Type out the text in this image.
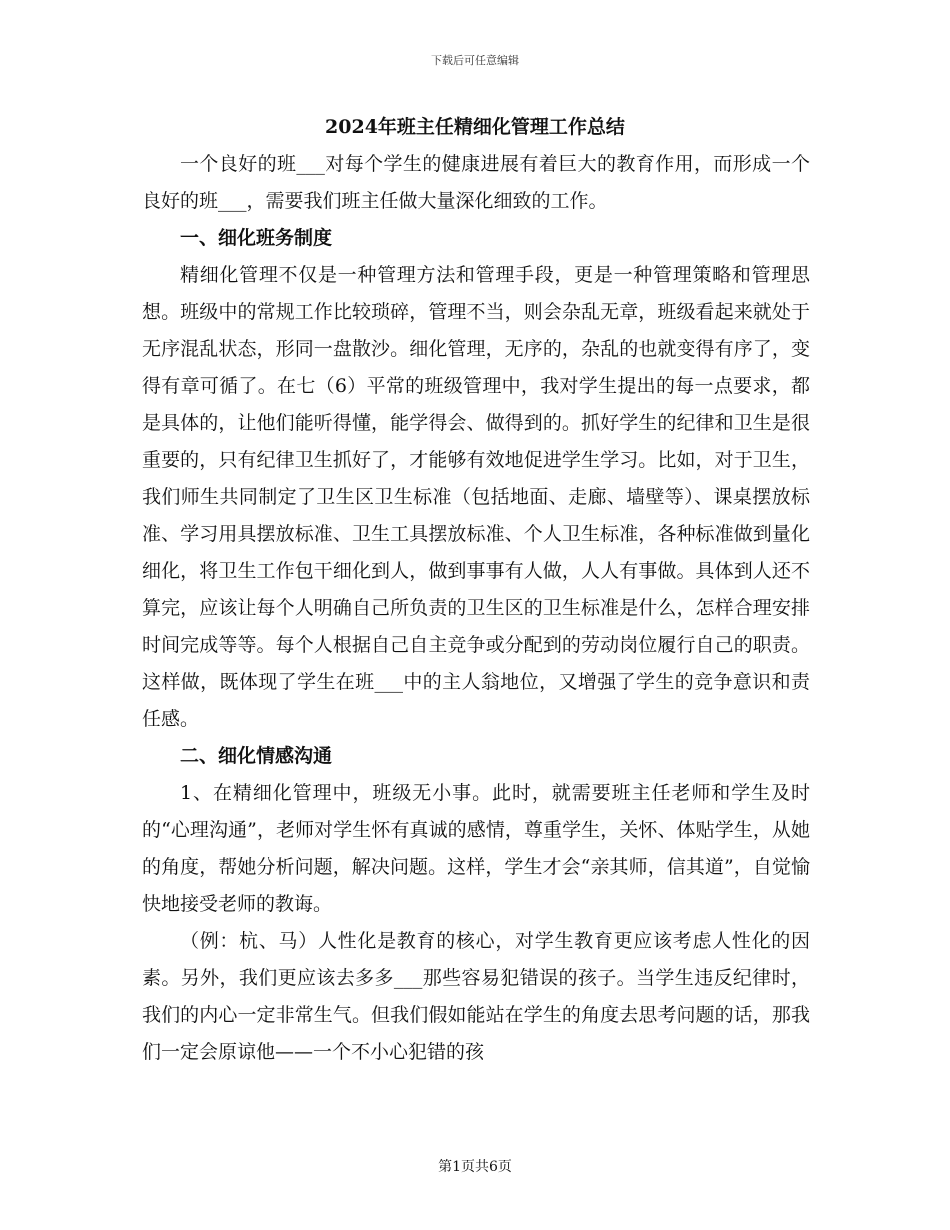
下载后可任意编辑
2024年班主任精细化管理工作总结

一个良好的班___对每个学生的健康进展有着巨大的教育作用，而形成一个良好的班___，需要我们班主任做大量深化细致的工作。

一、细化班务制度

精细化管理不仅是一种管理方法和管理手段，更是一种管理策略和管理思想。班级中的常规工作比较琐碎，管理不当，则会杂乱无章，班级看起来就处于无序混乱状态，形同一盘散沙。细化管理，无序的，杂乱的也就变得有序了，变得有章可循了。在七（6）平常的班级管理中，我对学生提出的每一点要求，都是具体的，让他们能听得懂，能学得会、做得到的。抓好学生的纪律和卫生是很重要的，只有纪律卫生抓好了，才能够有效地促进学生学习。比如，对于卫生，我们师生共同制定了卫生区卫生标准（包括地面、走廊、墙壁等）、课桌摆放标准、学习用具摆放标准、卫生工具摆放标准、个人卫生标准，各种标准做到量化细化，将卫生工作包干细化到人，做到事事有人做，人人有事做。具体到人还不算完，应该让每个人明确自己所负责的卫生区的卫生标准是什么，怎样合理安排时间完成等等。每个人根据自己自主竞争或分配到的劳动岗位履行自己的职责。这样做，既体现了学生在班___中的主人翁地位，又增强了学生的竞争意识和责任感。

二、细化情感沟通

1、在精细化管理中，班级无小事。此时，就需要班主任老师和学生及时的“心理沟通”，老师对学生怀有真诚的感情，尊重学生，关怀、体贴学生，从她的角度，帮她分析问题，解决问题。这样，学生才会“亲其师，信其道”，自觉愉快地接受老师的教诲。

（例：杭、马）人性化是教育的核心，对学生教育更应该考虑人性化的因素。另外，我们更应该去多多___那些容易犯错误的孩子。当学生违反纪律时，我们的内心一定非常生气。但我们假如能站在学生的角度去思考问题的话，那我们一定会原谅他——一个不小心犯错的孩

第1页共6页
